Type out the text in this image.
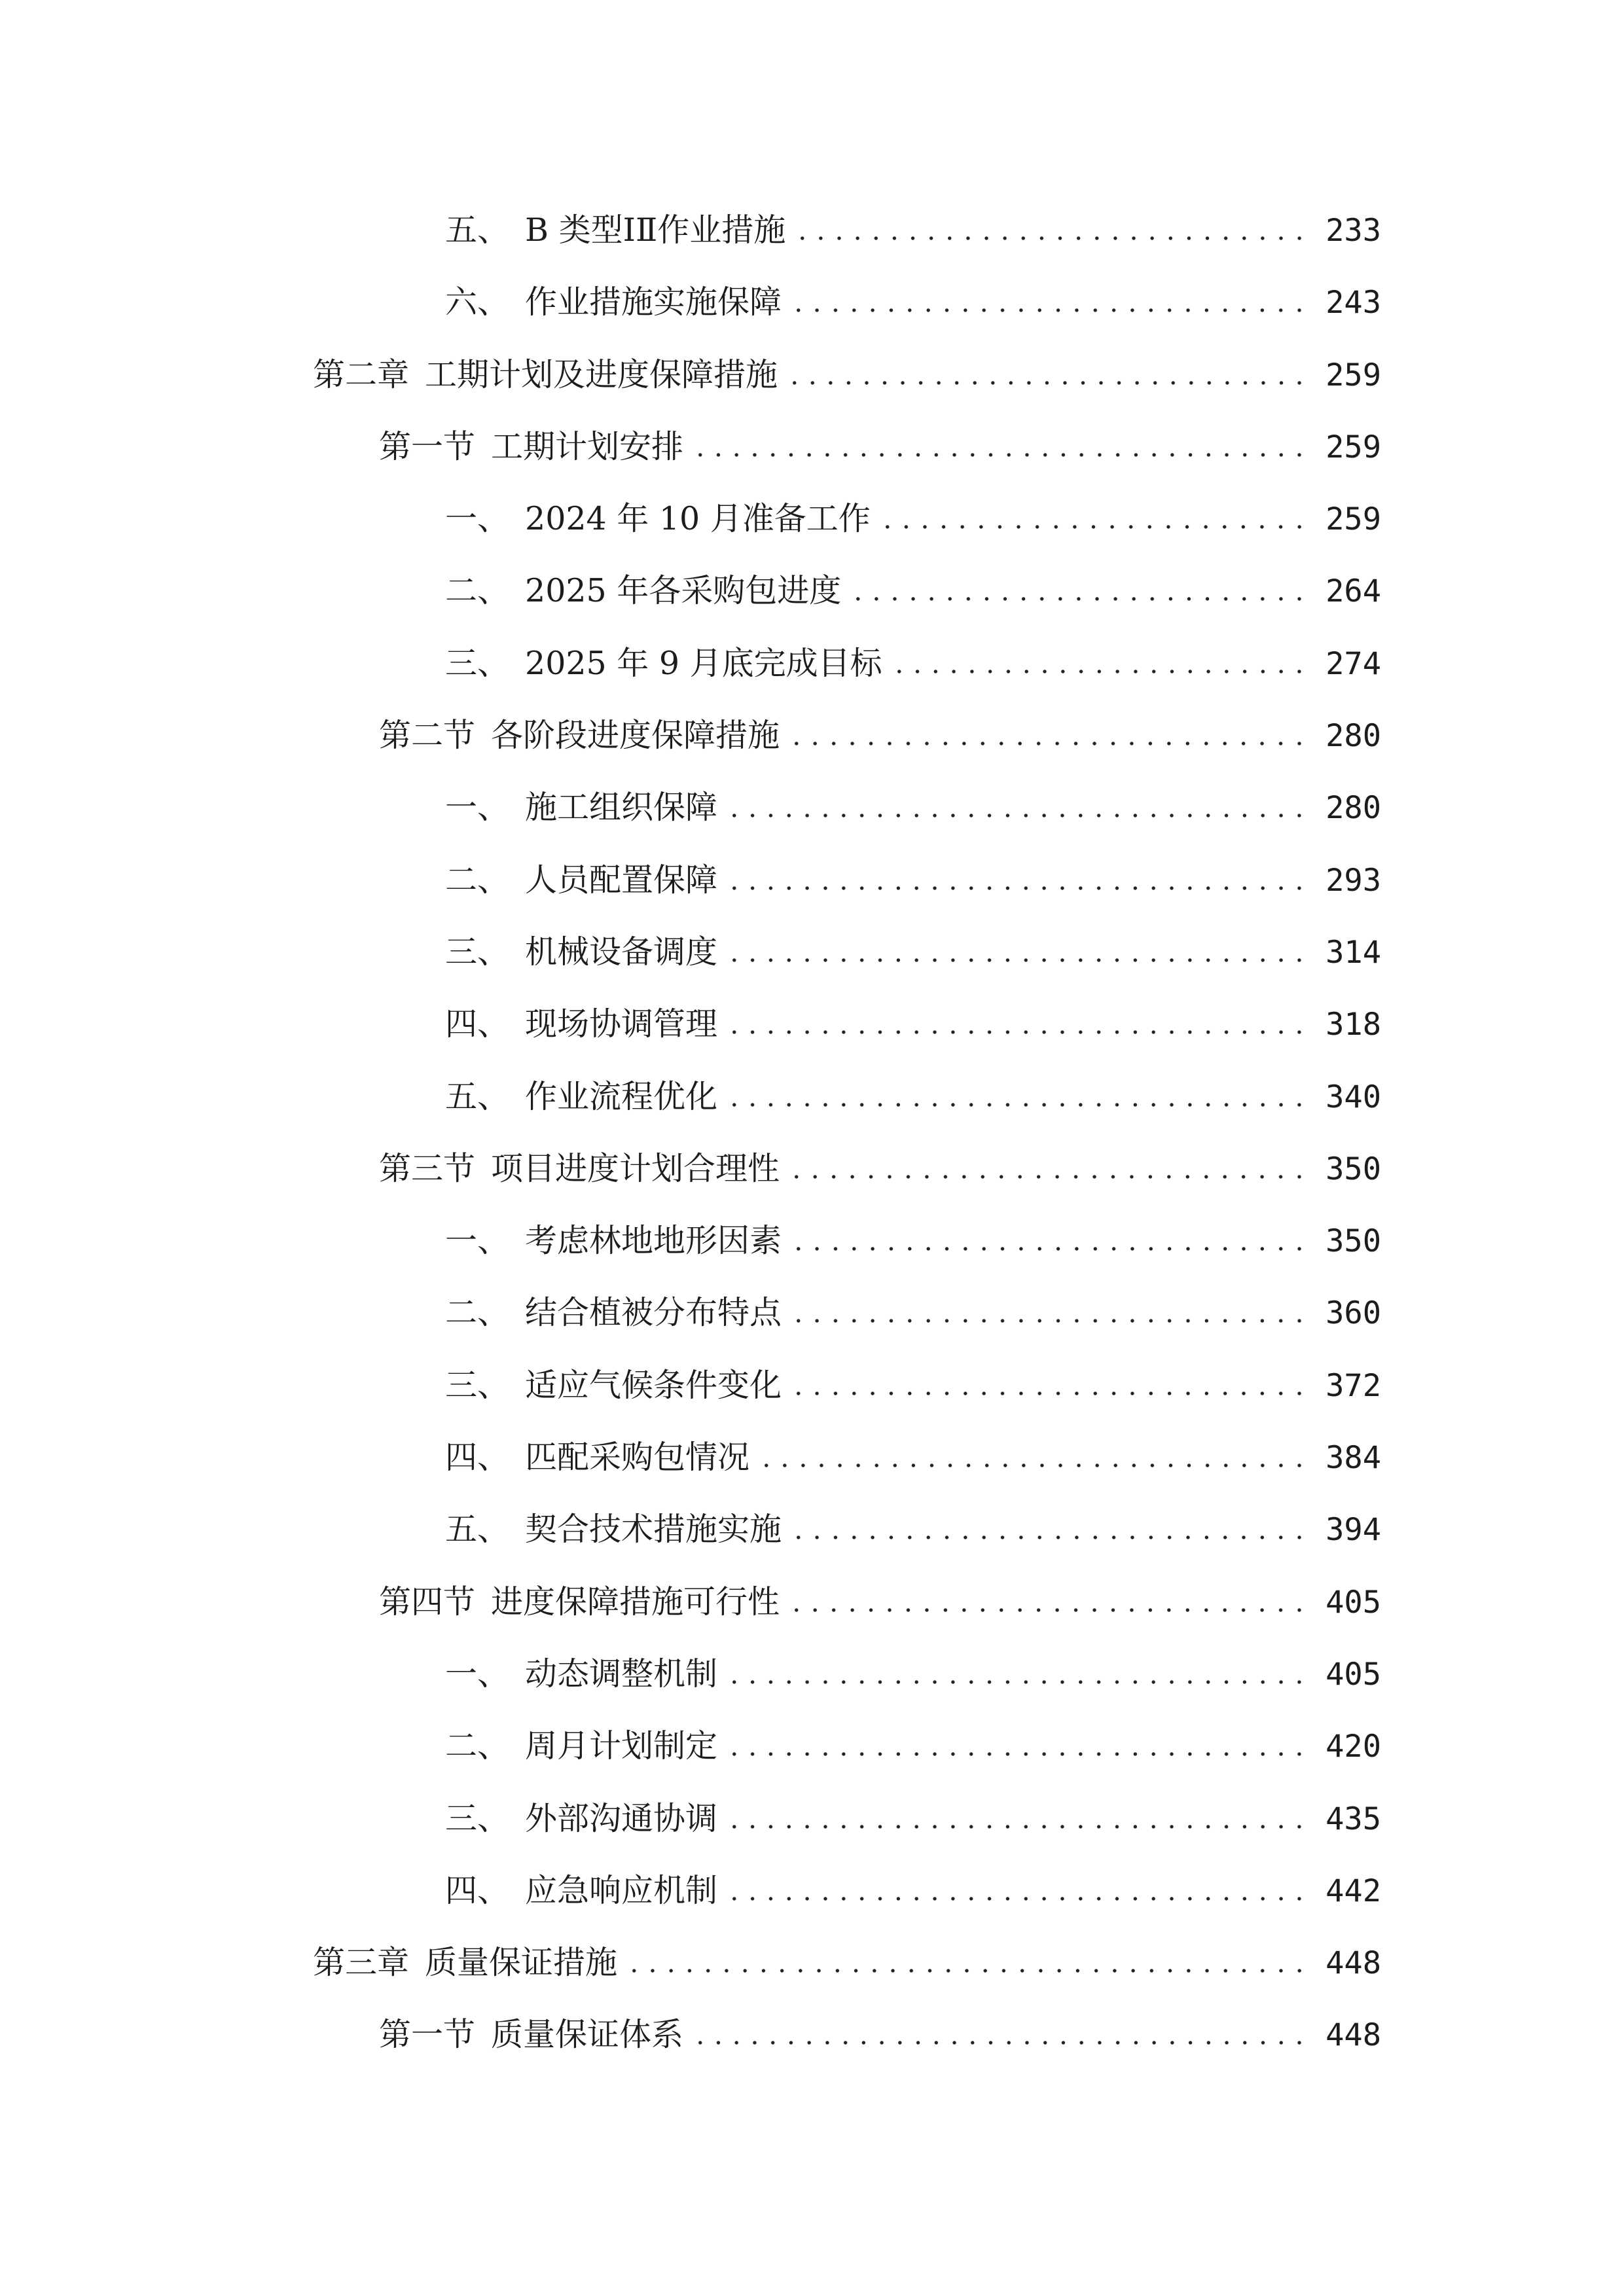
五、 B 类型ⅠⅡ作业措施	233
六、 作业措施实施保障	243
第二章 工期计划及进度保障措施	259
第一节 工期计划安排	259
一、 2024 年 10 月准备工作	259
二、 2025 年各采购包进度	264
三、 2025 年 9 月底完成目标	274
第二节 各阶段进度保障措施	280
一、 施工组织保障	280
二、 人员配置保障	293
三、 机械设备调度	314
四、 现场协调管理	318
五、 作业流程优化	340
第三节 项目进度计划合理性	350
一、 考虑林地地形因素	350
二、 结合植被分布特点	360
三、 适应气候条件变化	372
四、 匹配采购包情况	384
五、 契合技术措施实施	394
第四节 进度保障措施可行性	405
一、 动态调整机制	405
二、 周月计划制定	420
三、 外部沟通协调	435
四、 应急响应机制	442
第三章 质量保证措施	448
第一节 质量保证体系	448
